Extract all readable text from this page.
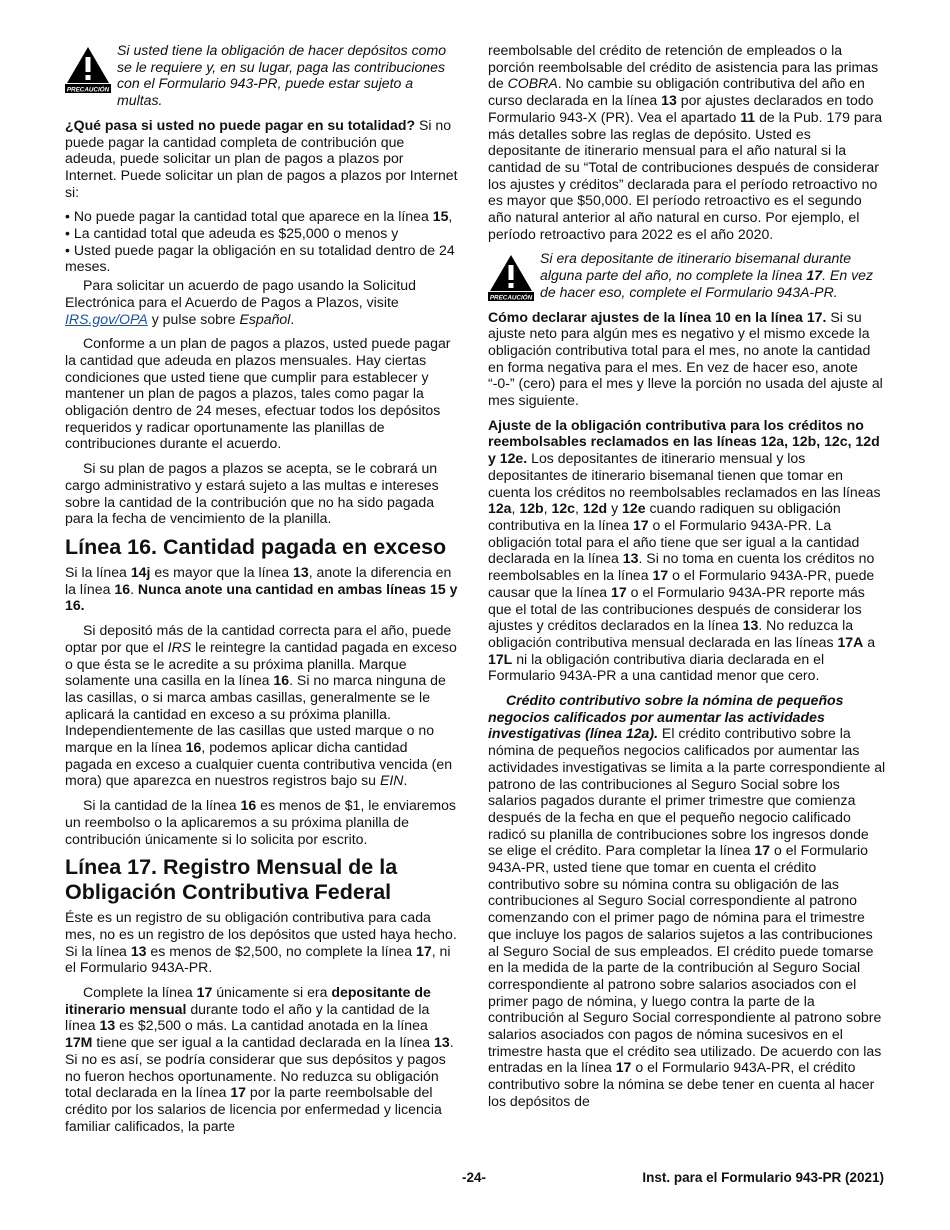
PRECAUCIÓN
Si usted tiene la obligación de hacer depósitos como se le requiere y, en su lugar, paga las contribuciones con el Formulario 943-PR, puede estar sujeto a multas.

¿Qué pasa si usted no puede pagar en su totalidad? Si no puede pagar la cantidad completa de contribución que adeuda, puede solicitar un plan de pagos a plazos por Internet. Puede solicitar un plan de pagos a plazos por Internet si:

• No puede pagar la cantidad total que aparece en la línea 15,
• La cantidad total que adeuda es $25,000 o menos y
• Usted puede pagar la obligación en su totalidad dentro de 24 meses.

Para solicitar un acuerdo de pago usando la Solicitud Electrónica para el Acuerdo de Pagos a Plazos, visite IRS.gov/OPA y pulse sobre Español.

Conforme a un plan de pagos a plazos, usted puede pagar la cantidad que adeuda en plazos mensuales. Hay ciertas condiciones que usted tiene que cumplir para establecer y mantener un plan de pagos a plazos, tales como pagar la obligación dentro de 24 meses, efectuar todos los depósitos requeridos y radicar oportunamente las planillas de contribuciones durante el acuerdo.

Si su plan de pagos a plazos se acepta, se le cobrará un cargo administrativo y estará sujeto a las multas e intereses sobre la cantidad de la contribución que no ha sido pagada para la fecha de vencimiento de la planilla.

Línea 16. Cantidad pagada en exceso

Si la línea 14j es mayor que la línea 13, anote la diferencia en la línea 16. Nunca anote una cantidad en ambas líneas 15 y 16.

Si depositó más de la cantidad correcta para el año, puede optar por que el IRS le reintegre la cantidad pagada en exceso o que ésta se le acredite a su próxima planilla. Marque solamente una casilla en la línea 16. Si no marca ninguna de las casillas, o si marca ambas casillas, generalmente se le aplicará la cantidad en exceso a su próxima planilla. Independientemente de las casillas que usted marque o no marque en la línea 16, podemos aplicar dicha cantidad pagada en exceso a cualquier cuenta contributiva vencida (en mora) que aparezca en nuestros registros bajo su EIN.

Si la cantidad de la línea 16 es menos de $1, le enviaremos un reembolso o la aplicaremos a su próxima planilla de contribución únicamente si lo solicita por escrito.

Línea 17. Registro Mensual de la Obligación Contributiva Federal

Éste es un registro de su obligación contributiva para cada mes, no es un registro de los depósitos que usted haya hecho. Si la línea 13 es menos de $2,500, no complete la línea 17, ni el Formulario 943A-PR.

Complete la línea 17 únicamente si era depositante de itinerario mensual durante todo el año y la cantidad de la línea 13 es $2,500 o más. La cantidad anotada en la línea 17M tiene que ser igual a la cantidad declarada en la línea 13. Si no es así, se podría considerar que sus depósitos y pagos no fueron hechos oportunamente. No reduzca su obligación total declarada en la línea 17 por la parte reembolsable del crédito por los salarios de licencia por enfermedad y licencia familiar calificados, la parte

reembolsable del crédito de retención de empleados o la porción reembolsable del crédito de asistencia para las primas de COBRA. No cambie su obligación contributiva del año en curso declarada en la línea 13 por ajustes declarados en todo Formulario 943-X (PR). Vea el apartado 11 de la Pub. 179 para más detalles sobre las reglas de depósito. Usted es depositante de itinerario mensual para el año natural si la cantidad de su “Total de contribuciones después de considerar los ajustes y créditos” declarada para el período retroactivo no es mayor que $50,000. El período retroactivo es el segundo año natural anterior al año natural en curso. Por ejemplo, el período retroactivo para 2022 es el año 2020.

PRECAUCIÓN
Si era depositante de itinerario bisemanal durante alguna parte del año, no complete la línea 17. En vez de hacer eso, complete el Formulario 943A-PR.

Cómo declarar ajustes de la línea 10 en la línea 17. Si su ajuste neto para algún mes es negativo y el mismo excede la obligación contributiva total para el mes, no anote la cantidad en forma negativa para el mes. En vez de hacer eso, anote “-0-” (cero) para el mes y lleve la porción no usada del ajuste al mes siguiente.

Ajuste de la obligación contributiva para los créditos no reembolsables reclamados en las líneas 12a, 12b, 12c, 12d y 12e. Los depositantes de itinerario mensual y los depositantes de itinerario bisemanal tienen que tomar en cuenta los créditos no reembolsables reclamados en las líneas 12a, 12b, 12c, 12d y 12e cuando radiquen su obligación contributiva en la línea 17 o el Formulario 943A-PR. La obligación total para el año tiene que ser igual a la cantidad declarada en la línea 13. Si no toma en cuenta los créditos no reembolsables en la línea 17 o el Formulario 943A-PR, puede causar que la línea 17 o el Formulario 943A-PR reporte más que el total de las contribuciones después de considerar los ajustes y créditos declarados en la línea 13. No reduzca la obligación contributiva mensual declarada en las líneas 17A a 17L ni la obligación contributiva diaria declarada en el Formulario 943A-PR a una cantidad menor que cero.

Crédito contributivo sobre la nómina de pequeños negocios calificados por aumentar las actividades investigativas (línea 12a). El crédito contributivo sobre la nómina de pequeños negocios calificados por aumentar las actividades investigativas se limita a la parte correspondiente al patrono de las contribuciones al Seguro Social sobre los salarios pagados durante el primer trimestre que comienza después de la fecha en que el pequeño negocio calificado radicó su planilla de contribuciones sobre los ingresos donde se elige el crédito. Para completar la línea 17 o el Formulario 943A-PR, usted tiene que tomar en cuenta el crédito contributivo sobre su nómina contra su obligación de las contribuciones al Seguro Social correspondiente al patrono comenzando con el primer pago de nómina para el trimestre que incluye los pagos de salarios sujetos a las contribuciones al Seguro Social de sus empleados. El crédito puede tomarse en la medida de la parte de la contribución al Seguro Social correspondiente al patrono sobre salarios asociados con el primer pago de nómina, y luego contra la parte de la contribución al Seguro Social correspondiente al patrono sobre salarios asociados con pagos de nómina sucesivos en el trimestre hasta que el crédito sea utilizado. De acuerdo con las entradas en la línea 17 o el Formulario 943A-PR, el crédito contributivo sobre la nómina se debe tener en cuenta al hacer los depósitos de

-24-	Inst. para el Formulario 943-PR (2021)
